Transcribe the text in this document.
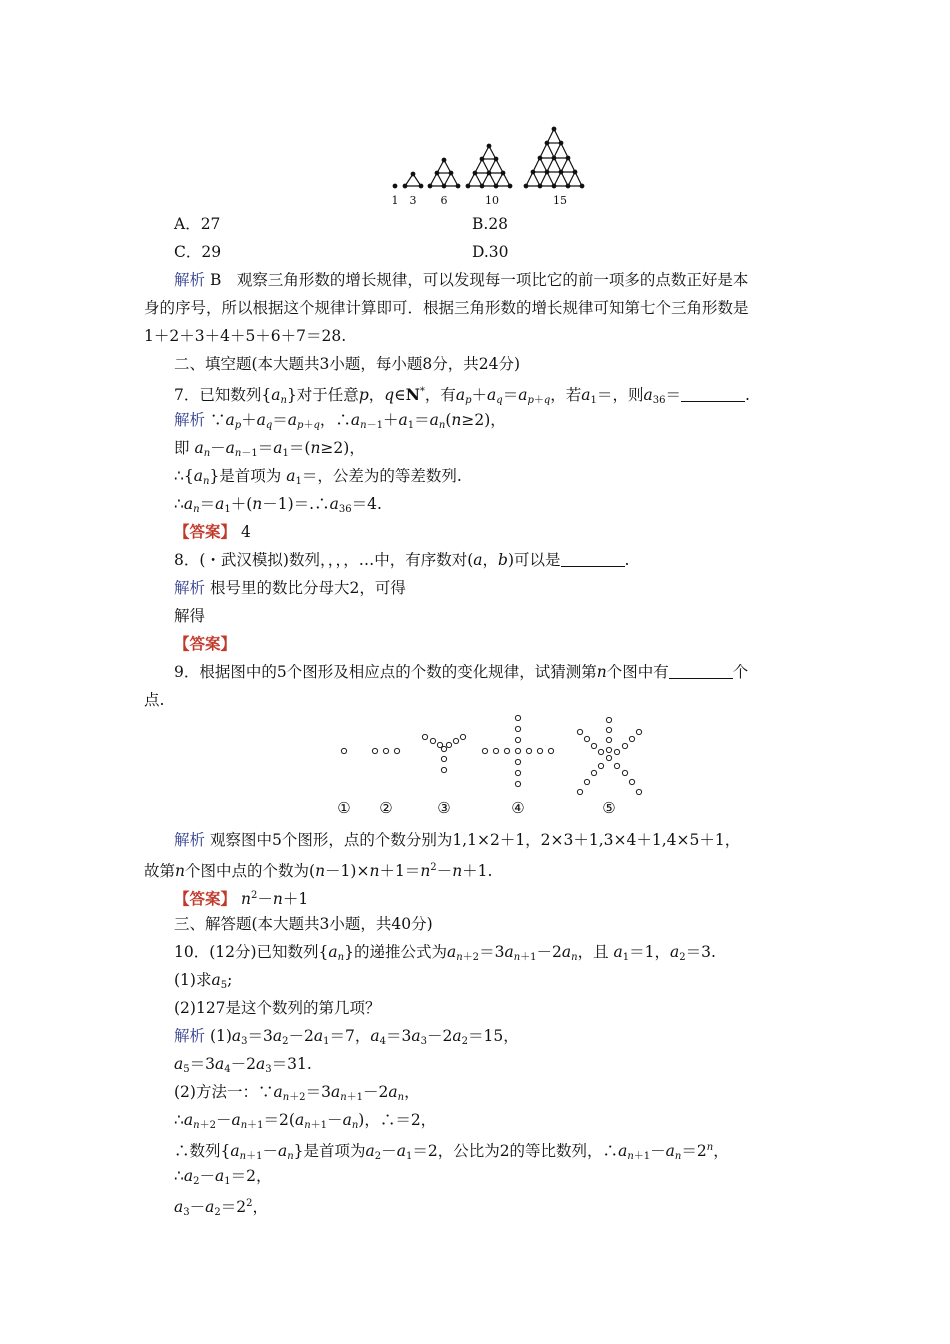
1 3 6	10	15
A．27	B.28
C．29	D.30
解析 B　观察三角形数的增长规律，可以发现每一项比它的前一项多的点数正好是本
身的序号，所以根据这个规律计算即可．根据三角形数的增长规律可知第七个三角形数是
1＋2＋3＋4＋5＋6＋7＝28.
二、填空题(本大题共3小题，每小题8分，共24分)
7．已知数列$\{a_n\}$对于任意p，q∈N*，有$a_p+a_q=a_{p+q}$，若$a_1=$，则$a_{36}=$	.
解析 $\because a_p+a_q=a_{p+q}$，$\therefore a_{n-1}+a_1=a_n(n\ge 2)$，
即 $a_n-a_{n-1}=a_1=(n\ge 2)$，
$\therefore\{a_n\}$是首项为 $a_1=$，公差为的等差数列.
$\therefore a_n=a_1+(n-1)=.\therefore a_{36}=4$.
【答案】 4
8．(・武汉模拟)数列，，，，…中，有序数对(a，b)可以是	.
解析 根号里的数比分母大2，可得
解得
【答案】
9．根据图中的5个图形及相应点的个数的变化规律，试猜测第n个图中有	个
点.
① ②	③	④	⑤
解析 观察图中5个图形，点的个数分别为1,1×2＋1，2×3＋1,3×4＋1,4×5＋1，
故第n个图中点的个数为$(n-1)\times n+1=n^2-n+1$.
【答案】 $n^2-n+1$
三、解答题(本大题共3小题，共40分)
10．(12分)已知数列$\{a_n\}$的递推公式为$a_{n+2}=3a_{n+1}-2a_n$，且 $a_1=1$，$a_2=3$.
(1)求$a_5$;
(2)127是这个数列的第几项？
解析 $(1)a_3=3a_2-2a_1=7$，$a_4=3a_3-2a_2=15$，
$a_5=3a_4-2a_3=31$.
(2)方法一：$\because a_{n+2}=3a_{n+1}-2a_n$，
$\therefore a_{n+2}-a_{n+1}=2(a_{n+1}-a_n)$，∴＝2，
∴数列$\{a_{n+1}-a_n\}$是首项为$a_2-a_1=2$，公比为2的等比数列，$\therefore a_{n+1}-a_n=2^n$，
$\therefore a_2-a_1=2$，
$a_3-a_2=2^2$，
